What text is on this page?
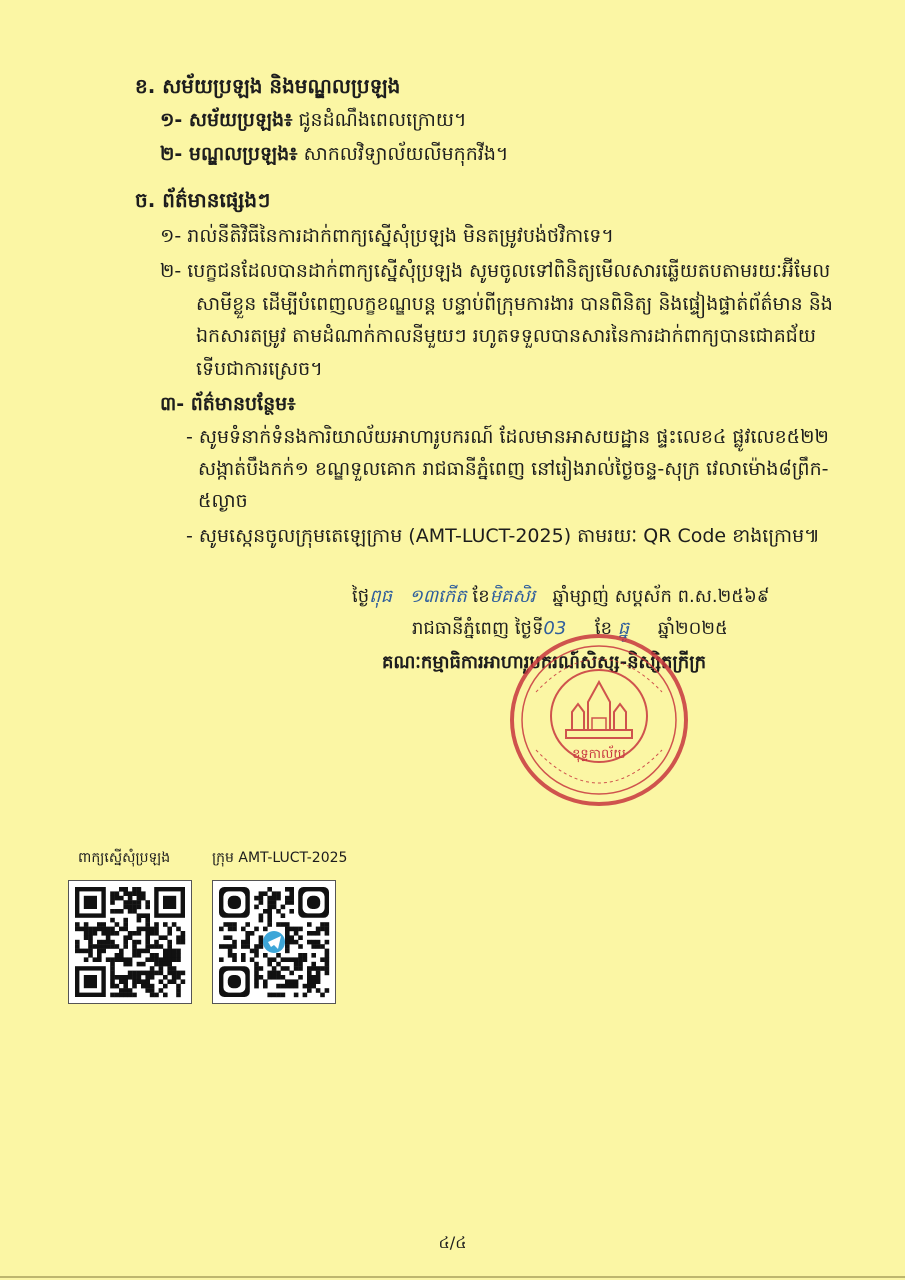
ខ. សម័យប្រឡង និងមណ្ឌលប្រឡង
១- សម័យប្រឡង៖ ជូនដំណឹងពេលក្រោយ។
២- មណ្ឌលប្រឡង៖ សាកលវិទ្យាល័យលីមកុកវីង។
ច. ព័ត៌មានផ្សេងៗ
១- រាល់នីតិវិធីនៃការដាក់ពាក្យស្នើសុំប្រឡង មិនតម្រូវបង់ថវិកាទេ។
២- បេក្ខជនដែលបានដាក់ពាក្យស្នើសុំប្រឡង សូមចូលទៅពិនិត្យមើលសារឆ្លើយតបតាមរយៈអ៊ីមែល
សាមីខ្លួន ដើម្បីបំពេញលក្ខខណ្ឌបន្ត បន្ទាប់ពីក្រុមការងារ បានពិនិត្យ និងផ្ទៀងផ្ទាត់ព័ត៌មាន និង
ឯកសារតម្រូវ តាមដំណាក់កាលនីមួយៗ រហូតទទួលបានសារនៃការដាក់ពាក្យបានជោគជ័យ
ទើបជាការស្រេច។
៣- ព័ត៌មានបន្ថែម៖
- សូមទំនាក់ទំនងការិយាល័យអាហារូបករណ៍ ដែលមានអាសយដ្ឋាន ផ្ទះលេខ៤ ផ្លូវលេខ៥២២
សង្កាត់បឹងកក់១ ខណ្ឌទួលគោក រាជធានីភ្នំពេញ នៅរៀងរាល់ថ្ងៃចន្ទ-សុក្រ វេលាម៉ោង៨ព្រឹក-
៥ល្ងាច
- សូមស្កេនចូលក្រុមតេឡេក្រាម (AMT-LUCT-2025) តាមរយៈ QR Code ខាងក្រោម៕
ថ្ងៃពុធ ១៣កើត ខែមិគសិរ ឆ្នាំម្សាញ់ សប្តស័ក ព.ស.២៥៦៩
រាជធានីភ្នំពេញ ថ្ងៃទី03 ខែ ធ្នូ ឆ្នាំ២០២៥
គណៈកម្មាធិការអាហារូបករណ៍សិស្ស-និស្សិតក្រីក្រ
ខុទ្ទកាល័យ
ពាក្យស្នើសុំប្រឡង	ក្រុម AMT-LUCT-2025
៤/៤
